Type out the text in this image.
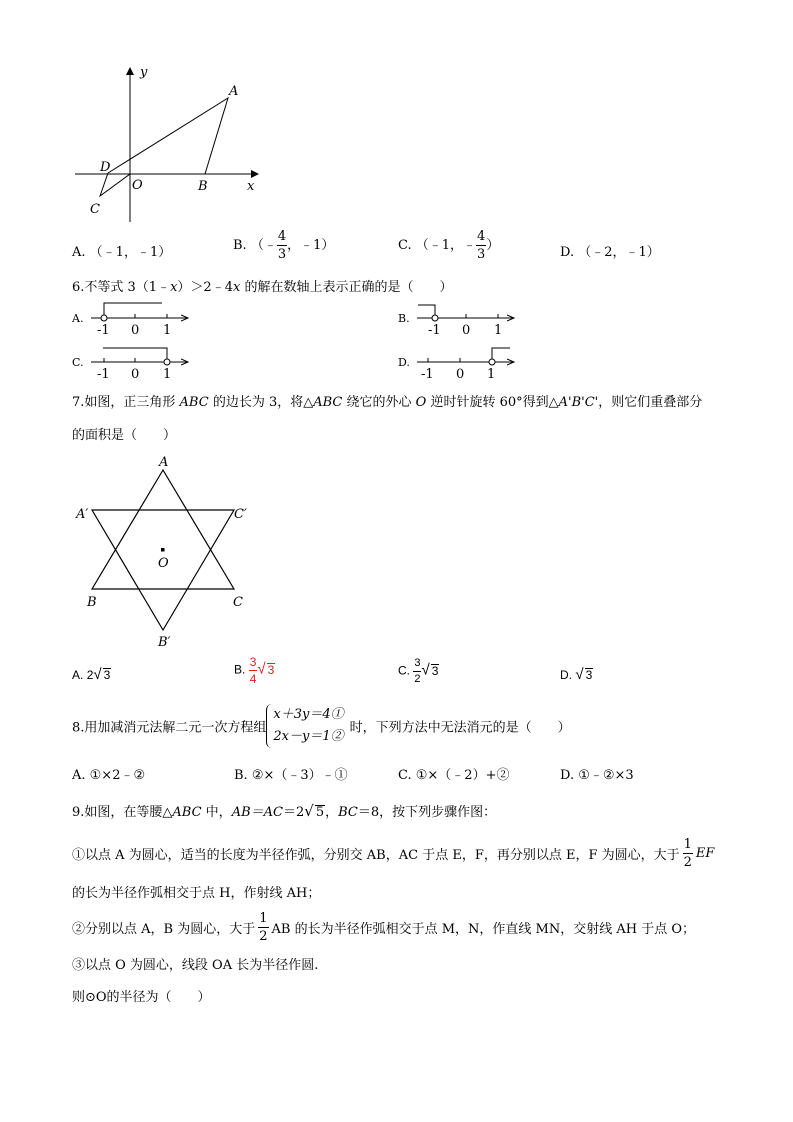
y
A
D
O	B	x
C
A. （﹣1，﹣1）	B. （﹣ $\frac{4}{3}$ ，﹣1）	C. （﹣1，﹣ $\frac{4}{3}$ ）	D. （﹣2，﹣1）
6.不等式 3（1﹣x）＞2﹣4x 的解在数轴上表示正确的是（　　）
A.
-1 0 1
B.
-1 0 1
C.
-1 0 1
D.
-1 0 1
7.如图，正三角形 ABC 的边长为 3，将△ABC 绕它的外心 O 逆时针旋转 60°得到△A'B'C'，则它们重叠部分
的面积是（　　）
A
A′	C′
O
B	C
B′
A. 2√ 3	B. $\frac{3}{4}$ √ 3	C. $\frac{3}{2}$ √ 3	D. √ 3
8.用加减消元法解二元一次方程组
x＋3y＝4①
2x－y＝1②
时，下列方法中无法消元的是（　　）
A. ①×2﹣②	B. ②×（﹣3）﹣①	C. ①×（﹣2）+②	D. ①﹣②×3
9.如图，在等腰△ABC 中，AB＝AC＝2√ 5，BC＝8，按下列步骤作图：
①以点 A 为圆心，适当的长度为半径作弧，分别交 AB，AC 于点 E，F，再分别以点 E，F 为圆心，大于 $\frac{1}{2}$ EF
的长为半径作弧相交于点 H，作射线 AH；
②分别以点 A，B 为圆心，大于 $\frac{1}{2}$ AB 的长为半径作弧相交于点 M，N，作直线 MN，交射线 AH 于点 O；
③以点 O 为圆心，线段 OA 长为半径作圆.
则⊙O的半径为（　　）
